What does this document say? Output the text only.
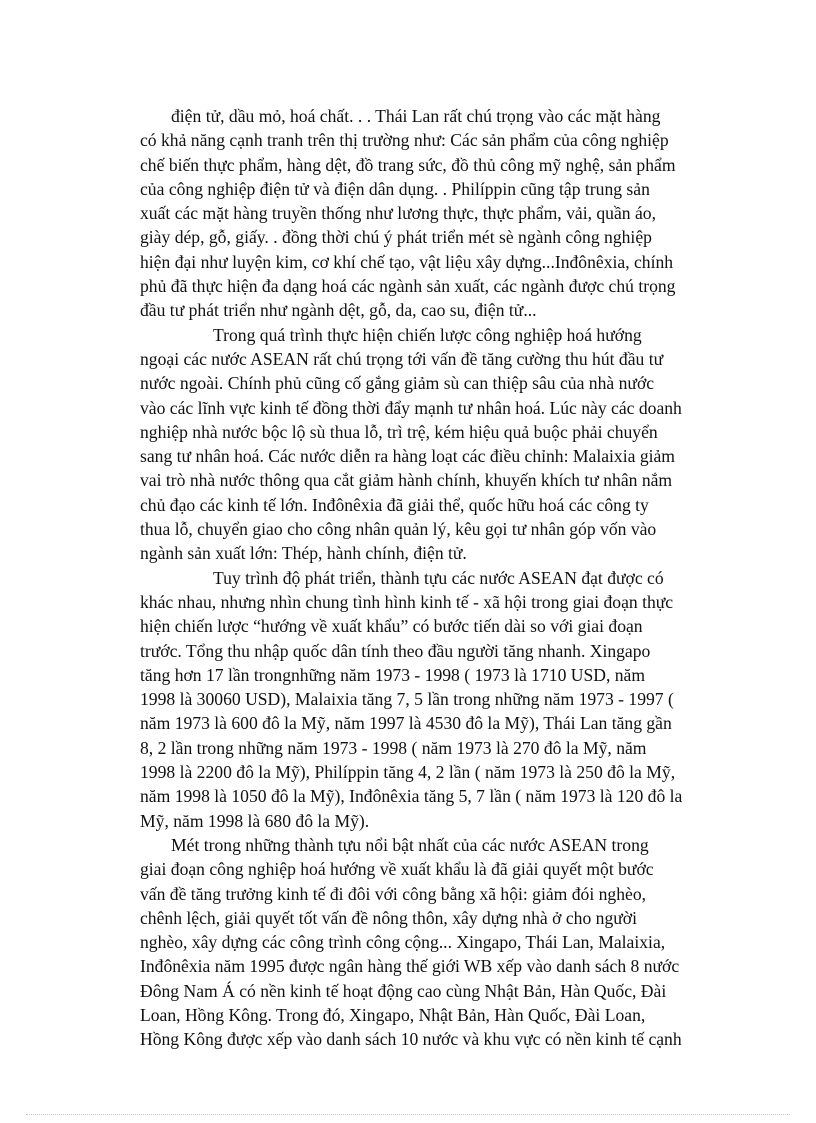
điện tử, dầu mỏ, hoá chất. . . Thái Lan rất chú trọng vào các mặt hàng
có khả năng cạnh tranh trên thị trường như: Các sản phẩm của công nghiệp
chế biến thực phẩm, hàng dệt, đồ trang sức, đồ thủ công mỹ nghệ, sản phẩm
của công nghiệp điện tử và điện dân dụng. . Philíppin cũng tập trung sản
xuất các mặt hàng truyền thống như lương thực, thực phẩm, vải, quần áo,
giày dép, gỗ, giấy. . đồng thời chú ý phát triển mét sè ngành công nghiệp
hiện đại như luyện kim, cơ khí chế tạo, vật liệu xây dựng...Inđônêxia, chính
phủ đã thực hiện đa dạng hoá các ngành sản xuất, các ngành được chú trọng
đầu tư phát triển như ngành dệt, gỗ, da, cao su, điện tử...
Trong quá trình thực hiện chiến lược công nghiệp hoá hướng
ngoại các nước ASEAN rất chú trọng tới vấn đề tăng cường thu hút đầu tư
nước ngoài. Chính phủ cũng cố gắng giảm sù can thiệp sâu của nhà nước
vào các lĩnh vực kinh tế đồng thời đẩy mạnh tư nhân hoá. Lúc này các doanh
nghiệp nhà nước bộc lộ sù thua lỗ, trì trệ, kém hiệu quả buộc phải chuyển
sang tư nhân hoá. Các nước diễn ra hàng loạt các điều chỉnh: Malaixia giảm
vai trò nhà nước thông qua cắt giảm hành chính, khuyến khích tư nhân nắm
chủ đạo các kinh tế lớn. Inđônêxia đã giải thể, quốc hữu hoá các công ty
thua lỗ, chuyển giao cho công nhân quản lý, kêu gọi tư nhân góp vốn vào
ngành sản xuất lớn: Thép, hành chính, điện tử.
Tuy trình độ phát triển, thành tựu các nước ASEAN đạt được có
khác nhau, nhưng nhìn chung tình hình kinh tế - xã hội trong giai đoạn thực
hiện chiến lược “hướng về xuất khẩu” có bước tiến dài so với giai đoạn
trước. Tổng thu nhập quốc dân tính theo đầu người tăng nhanh. Xingapo
tăng hơn 17 lần trongnhững năm 1973 - 1998 ( 1973 là 1710 USD, năm
1998 là 30060 USD), Malaixia tăng 7, 5 lần trong những năm 1973 - 1997 (
năm 1973 là 600 đô la Mỹ, năm 1997 là 4530 đô la Mỹ), Thái Lan tăng gần
8, 2 lần trong những năm 1973 - 1998 ( năm 1973 là 270 đô la Mỹ, năm
1998 là 2200 đô la Mỹ), Philíppin tăng 4, 2 lần ( năm 1973 là 250 đô la Mỹ,
năm 1998 là 1050 đô la Mỹ), Inđônêxia tăng 5, 7 lần ( năm 1973 là 120 đô la
Mỹ, năm 1998 là 680 đô la Mỹ).
Mét trong những thành tựu nổi bật nhất của các nước ASEAN trong
giai đoạn công nghiệp hoá hướng về xuất khẩu là đã giải quyết một bước
vấn đề tăng trưởng kinh tế đi đôi với công bằng xã hội: giảm đói nghèo,
chênh lệch, giải quyết tốt vấn đề nông thôn, xây dựng nhà ở cho người
nghèo, xây dựng các công trình công cộng... Xingapo, Thái Lan, Malaixia,
Inđônêxia năm 1995 được ngân hàng thế giới WB xếp vào danh sách 8 nước
Đông Nam Á có nền kinh tế hoạt động cao cùng Nhật Bản, Hàn Quốc, Đài
Loan, Hồng Kông. Trong đó, Xingapo, Nhật Bản, Hàn Quốc, Đài Loan,
Hồng Kông được xếp vào danh sách 10 nước và khu vực có nền kinh tế cạnh
